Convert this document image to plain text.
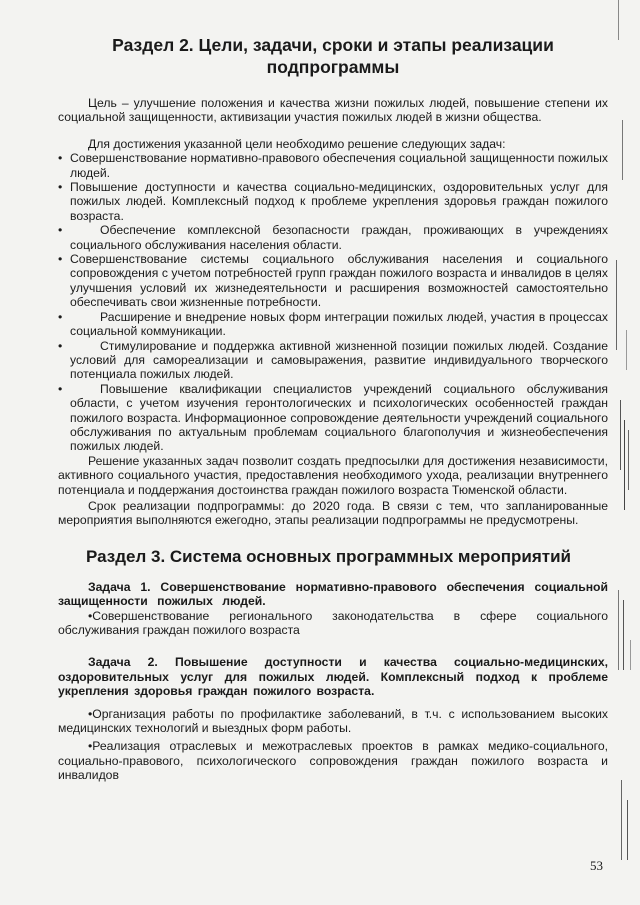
Раздел 2. Цели, задачи, сроки и этапы реализации
подпрограммы

Цель – улучшение положения и качества жизни пожилых людей, повышение степени их социальной защищенности, активизации участия пожилых людей в жизни общества.

Для достижения указанной цели необходимо решение следующих задач:

• Совершенствование нормативно-правового обеспечения социальной защищенности пожилых людей.
• Повышение доступности и качества социально-медицинских, оздоровительных услуг для пожилых людей. Комплексный подход к проблеме укрепления здоровья граждан пожилого возраста.
•	Обеспечение комплексной безопасности граждан, проживающих в учреждениях социального обслуживания населения области.
• Совершенствование системы социального обслуживания населения и социального сопровождения с учетом потребностей групп граждан пожилого возраста и инвалидов в целях улучшения условий их жизнедеятельности и расширения возможностей самостоятельно обеспечивать свои жизненные потребности.
•	Расширение и внедрение новых форм интеграции пожилых людей, участия в процессах социальной коммуникации.
•	Стимулирование и поддержка активной жизненной позиции пожилых людей. Создание условий для самореализации и самовыражения, развитие индивидуального творческого потенциала пожилых людей.
•	Повышение квалификации специалистов учреждений социального обслуживания области, с учетом изучения геронтологических и психологических особенностей граждан пожилого возраста. Информационное сопровождение деятельности учреждений социального обслуживания по актуальным проблемам социального благополучия и жизнеобеспечения пожилых людей.

Решение указанных задач позволит создать предпосылки для достижения независимости, активного социального участия, предоставления необходимого ухода, реализации внутреннего потенциала и поддержания достоинства граждан пожилого возраста Тюменской области.

Срок реализации подпрограммы: до 2020 года. В связи с тем, что запланированные мероприятия выполняются ежегодно, этапы реализации подпрограммы не предусмотрены.

Раздел 3. Система основных программных мероприятий

Задача 1. Совершенствование нормативно-правового обеспечения социальной защищенности пожилых людей.

•Совершенствование регионального законодательства в сфере социального обслуживания граждан пожилого возраста

Задача 2. Повышение доступности и качества социально-медицинских, оздоровительных услуг для пожилых людей. Комплексный подход к проблеме укрепления здоровья граждан пожилого возраста.

•Организация работы по профилактике заболеваний, в т.ч. с использованием высоких медицинских технологий и выездных форм работы.

•Реализация отраслевых и межотраслевых проектов в рамках медико-социального, социально-правового, психологического сопровождения граждан пожилого возраста и инвалидов

53
